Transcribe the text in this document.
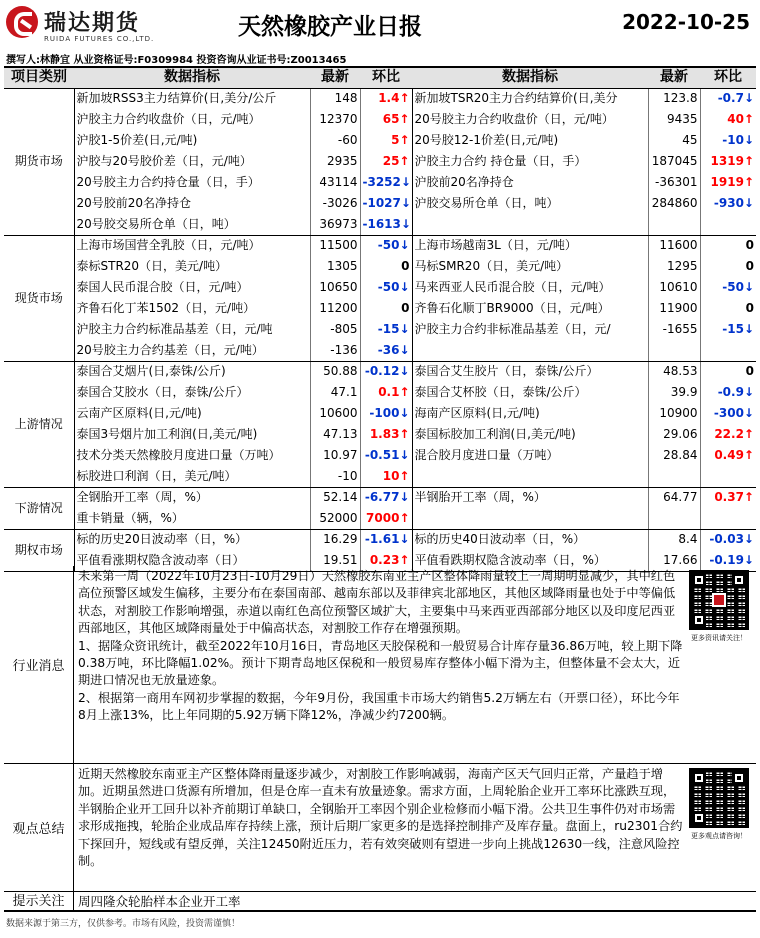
瑞达期货
RUIDA FUTURES CO.,LTD.	天然橡胶产业日报	2022-10-25
撰写人:林静宜 从业资格证号:F0309984 投资咨询从业证书号:Z0013465
项目类别	数据指标	最新	环比	数据指标	最新	环比
期货市场	新加坡RSS3主力结算价(日,美分/公斤	148	1.4↑	新加坡TSR20主力合约结算价(日,美分	123.8	-0.7↓
	沪胶主力合约收盘价（日，元/吨）	12370	65↑	20号胶主力合约收盘价（日，元/吨）	9435	40↑
	沪胶1-5价差(日,元/吨)	-60	5↑	20号胶12-1价差(日,元/吨)	45	-10↓
	沪胶与20号胶价差（日，元/吨）	2935	25↑	沪胶主力合约 持仓量（日，手）	187045	1319↑
	20号胶主力合约持仓量（日，手）	43114	-3252↓	沪胶前20名净持仓	-36301	1919↑
	20号胶前20名净持仓	-3026	-1027↓	沪胶交易所仓单（日，吨）	284860	-930↓
	20号胶交易所仓单（日，吨）	36973	-1613↓			
现货市场	上海市场国营全乳胶（日，元/吨）	11500	-50↓	上海市场越南3L（日，元/吨）	11600	0
	泰标STR20（日，美元/吨）	1305	0	马标SMR20（日，美元/吨）	1295	0
	泰国人民币混合胶（日，元/吨）	10650	-50↓	马来西亚人民币混合胶（日，元/吨）	10610	-50↓
	齐鲁石化丁苯1502（日，元/吨）	11200	0	齐鲁石化顺丁BR9000（日，元/吨）	11900	0
	沪胶主力合约标准品基差（日，元/吨	-805	-15↓	沪胶主力合约非标准品基差（日，元/	-1655	-15↓
	20号胶主力合约基差（日，元/吨）	-136	-36↓			
上游情况	泰国合艾烟片(日,泰铢/公斤)	50.88	-0.12↓	泰国合艾生胶片（日，泰铢/公斤）	48.53	0
	泰国合艾胶水（日，泰铢/公斤）	47.1	0.1↑	泰国合艾杯胶（日，泰铢/公斤）	39.9	-0.9↓
	云南产区原料(日,元/吨)	10600	-100↓	海南产区原料(日,元/吨)	10900	-300↓
	泰国3号烟片加工利润(日,美元/吨)	47.13	1.83↑	泰国标胶加工利润(日,美元/吨)	29.06	22.2↑
	技术分类天然橡胶月度进口量（万吨）	10.97	-0.51↓	混合胶月度进口量（万吨）	28.84	0.49↑
	标胶进口利润（日，美元/吨）	-10	10↑			
下游情况	全钢胎开工率（周，%）	52.14	-6.77↓	半钢胎开工率（周，%）	64.77	0.37↑
	重卡销量（辆，%）	52000	7000↑			
期权市场	标的历史20日波动率（日，%）	16.29	-1.61↓	标的历史40日波动率（日，%）	8.4	-0.03↓
	平值看涨期权隐含波动率（日）	19.51	0.23↑	平值看跌期权隐含波动率（日，%）	17.66	-0.19↓
行业消息
未来第一周（2022年10月23日-10月29日）天然橡胶东南亚主产区整体降雨量较上一周期明显减少，其中红色高位预警区域发生偏移，主要分布在泰国南部、越南东部以及菲律宾北部地区，其他区域降雨量也处于中等偏低状态，对割胶工作影响增强，赤道以南红色高位预警区域扩大，主要集中马来西亚西部部分地区以及印度尼西亚西部地区，其他区域降雨量处于中偏高状态，对割胶工作存在增强预期。
1、据隆众资讯统计，截至2022年10月16日，青岛地区天胶保税和一般贸易合计库存量36.86万吨，较上期下降0.38万吨，环比降幅1.02%。预计下期青岛地区保税和一般贸易库存整体小幅下滑为主，但整体量不会太大，近期进口情况也无放量迹象。
2、根据第一商用车网初步掌握的数据，今年9月份，我国重卡市场大约销售5.2万辆左右（开票口径），环比今年8月上涨13%，比上年同期的5.92万辆下降12%，净减少约7200辆。
更多资讯请关注！
观点总结
近期天然橡胶东南亚主产区整体降雨量逐步减少，对割胶工作影响减弱，海南产区天气回归正常，产量趋于增加。近期虽然进口货源有所增加，但是仓库一直未有放量迹象。需求方面，上周轮胎企业开工率环比涨跌互现，半钢胎企业开工回升以补齐前期订单缺口，全钢胎开工率因个别企业检修而小幅下滑。公共卫生事件仍对市场需求形成拖拽，轮胎企业成品库存持续上涨，预计后期厂家更多的是选择控制排产及库存量。盘面上，ru2301合约下探回升，短线或有望反弹，关注12450附近压力，若有效突破则有望进一步向上挑战12630一线，注意风险控制。
更多观点请咨询！
提示关注	周四隆众轮胎样本企业开工率
数据来源于第三方，仅供参考。市场有风险，投资需谨慎！
